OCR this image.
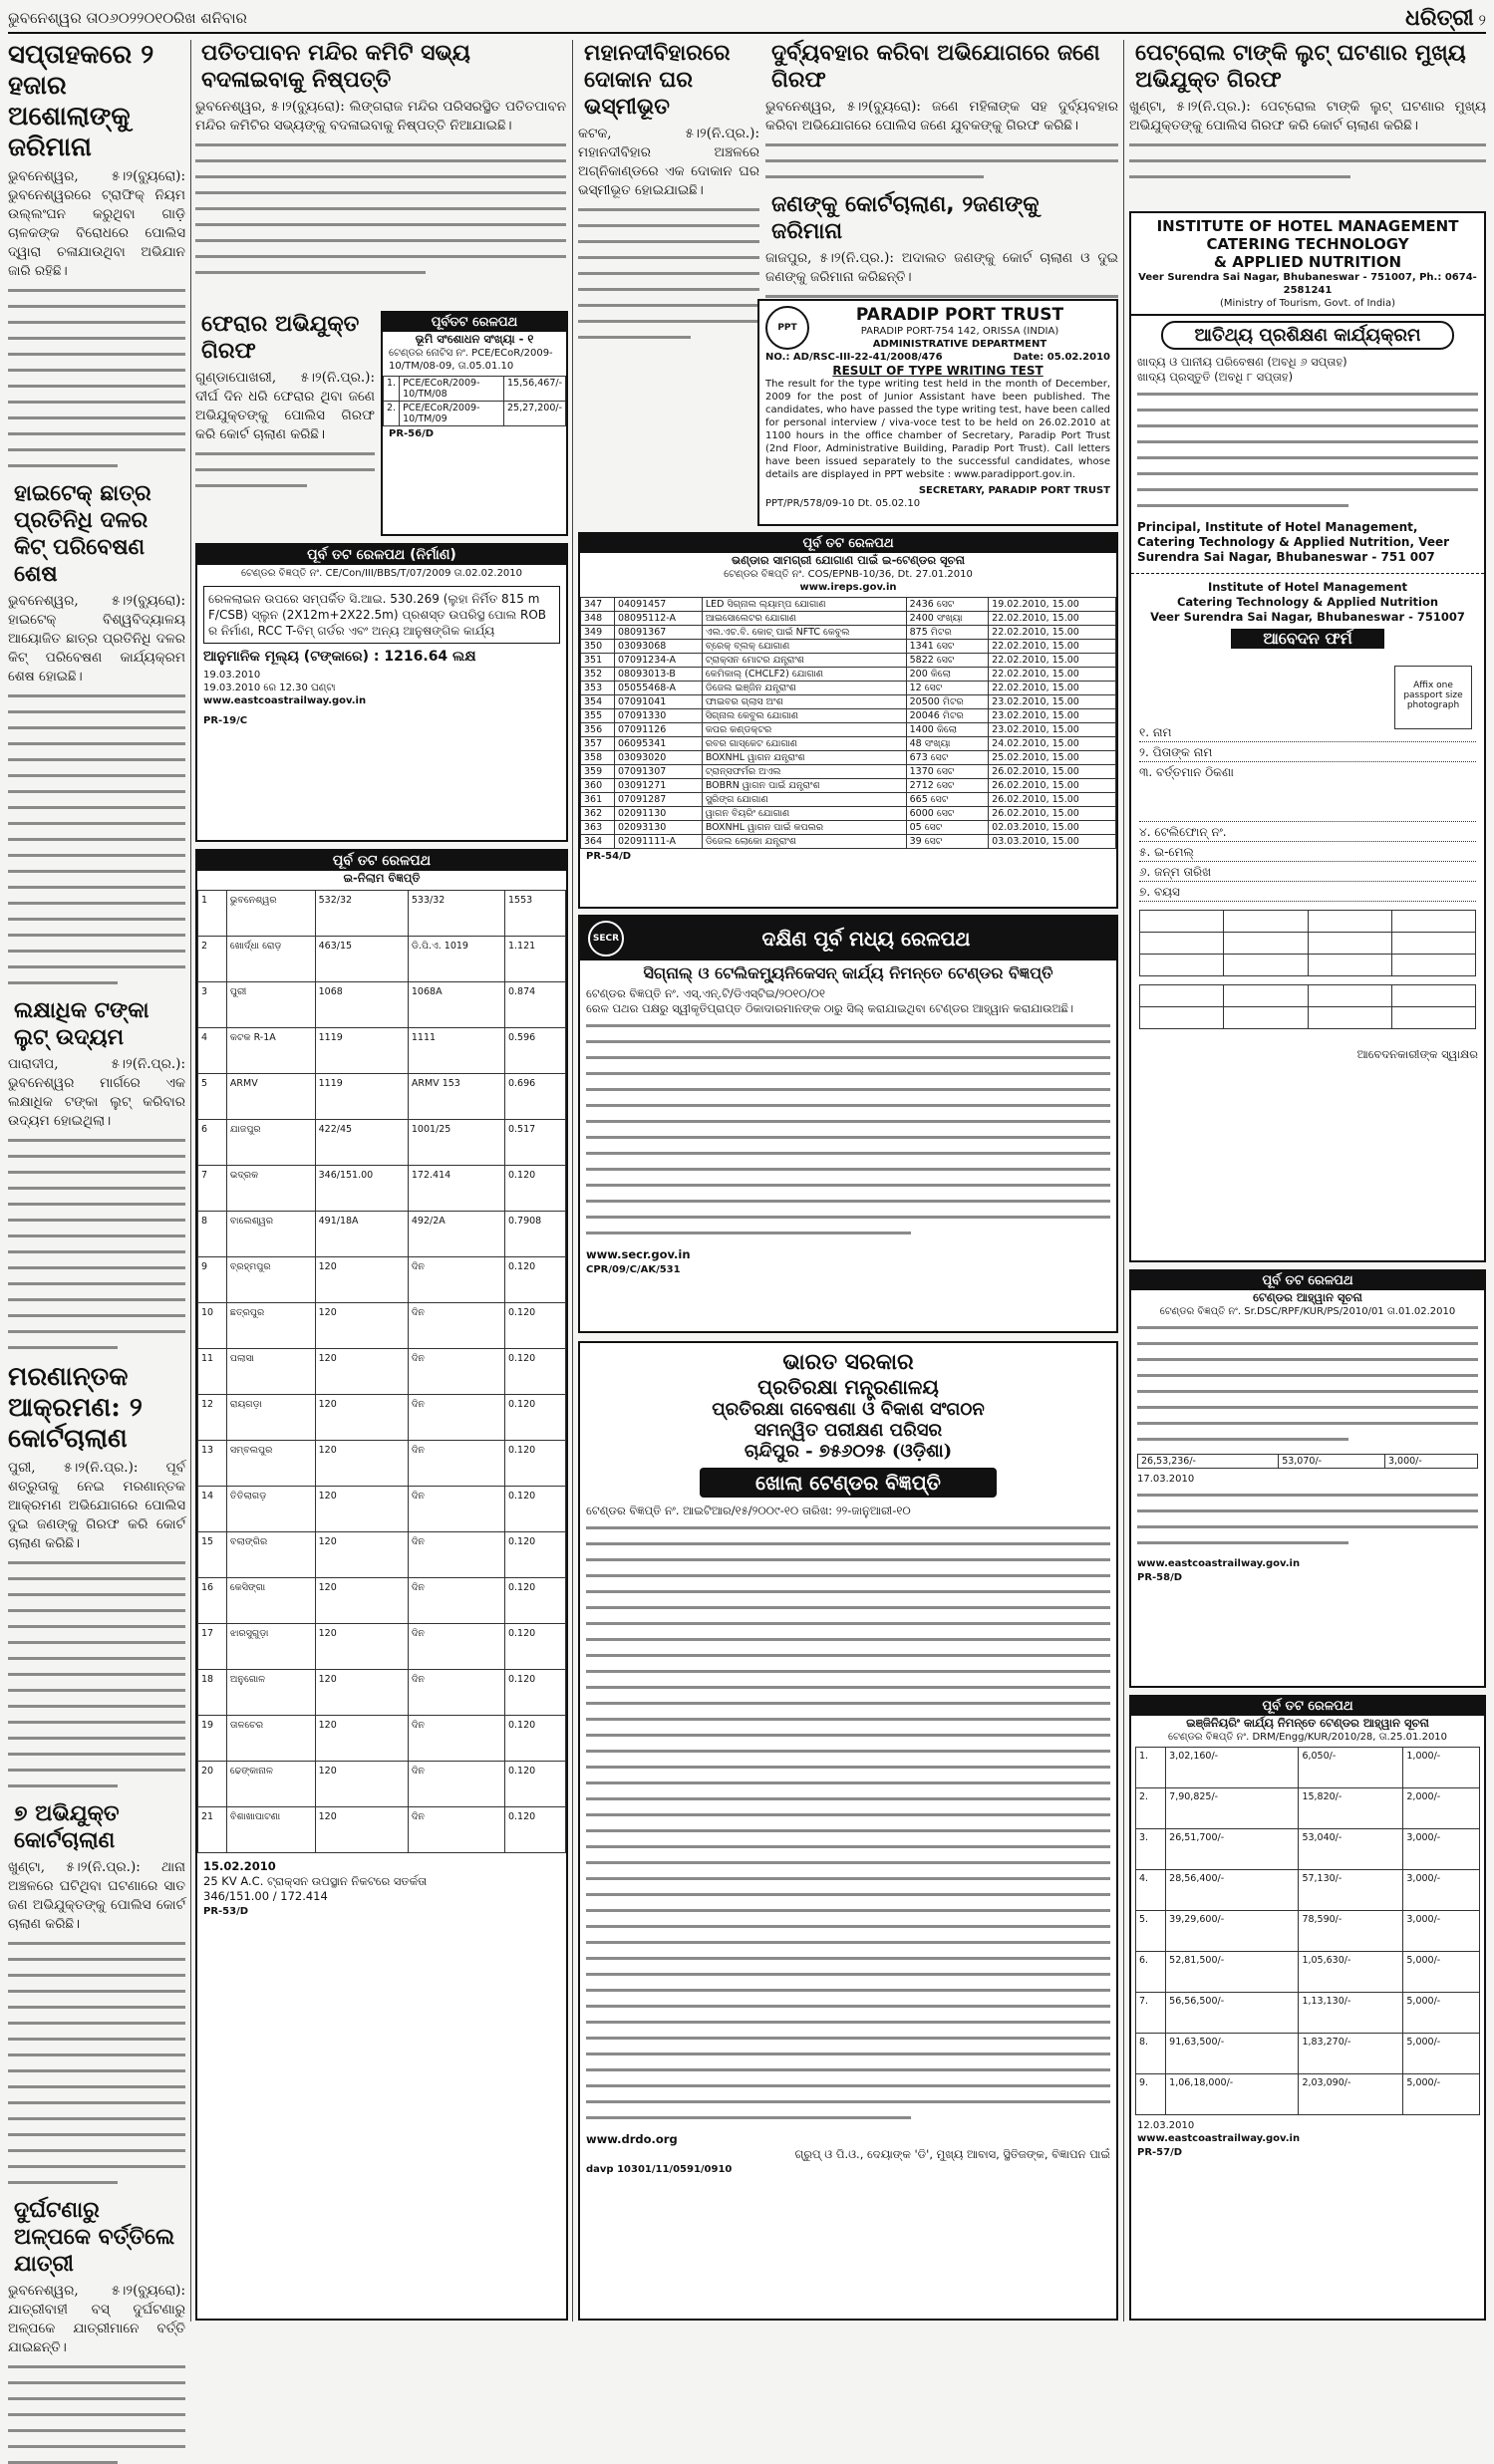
ଭୁବନେଶ୍ୱର ତା୦୬୦୨୨୦୧୦ରିଖ ଶନିବାର	ଧରିତ୍ରୀ ୨
ସପ୍ତାହକରେ ୨ ହଜାର ଅଶୋଲାଙ୍କୁ ଜରିମାନା
ଭୁବନେଶ୍ୱର, ୫।୨(ବ୍ୟୁରୋ): ଭୁବନେଶ୍ୱରରେ ଟ୍ରାଫିକ୍ ନିୟମ ଉଲ୍ଲଂଘନ କରୁଥିବା ଗାଡ଼ି ଚାଳକଙ୍କ ବିରୋଧରେ ପୋଲିସ ଦ୍ୱାରା ଚଳାଯାଉଥିବା ଅଭିଯାନ ଜାରି ରହିଛି।
ହାଇଟେକ୍ ଛାତ୍ର ପ୍ରତିନିଧି ଦଳର କିଟ୍ ପରିବେଷଣ ଶେଷ
ଭୁବନେଶ୍ୱର, ୫।୨(ବ୍ୟୁରୋ): ହାଇଟେକ୍ ବିଶ୍ୱବିଦ୍ୟାଳୟ ଆୟୋଜିତ ଛାତ୍ର ପ୍ରତିନିଧି ଦଳର କିଟ୍ ପରିବେଷଣ କାର୍ଯ୍ୟକ୍ରମ ଶେଷ ହୋଇଛି।
ଲକ୍ଷାଧିକ ଟଙ୍କା ଲୁଟ୍ ଉଦ୍ୟମ
ପାରାଦୀପ, ୫।୨(ନି.ପ୍ର.): ଭୁବନେଶ୍ୱର ମାର୍ଗରେ ଏକ ଲକ୍ଷାଧିକ ଟଙ୍କା ଲୁଟ୍ କରିବାର ଉଦ୍ୟମ ହୋଇଥିଲା।
ମରଣାନ୍ତକ ଆକ୍ରମଣ: ୨ କୋର୍ଟଚାଲାଣ
ପୁରୀ, ୫।୨(ନି.ପ୍ର.): ପୂର୍ବ ଶତ୍ରୁତାକୁ ନେଇ ମରଣାନ୍ତକ ଆକ୍ରମଣ ଅଭିଯୋଗରେ ପୋଲିସ ଦୁଇ ଜଣଙ୍କୁ ଗିରଫ କରି କୋର୍ଟ ଚାଲାଣ କରିଛି।
୭ ଅଭିଯୁକ୍ତ କୋର୍ଟଚାଲାଣ
ଖୁଣ୍ଟା, ୫।୨(ନି.ପ୍ର.): ଥାନା ଅଞ୍ଚଳରେ ଘଟିଥିବା ଘଟଣାରେ ସାତ ଜଣ ଅଭିଯୁକ୍ତଙ୍କୁ ପୋଲିସ କୋର୍ଟ ଚାଲାଣ କରିଛି।
ଦୁର୍ଘଟଣାରୁ ଅଳ୍ପକେ ବର୍ତ୍ତିଲେ ଯାତ୍ରୀ
ଭୁବନେଶ୍ୱର, ୫।୨(ବ୍ୟୁରୋ): ଯାତ୍ରୀବାହୀ ବସ୍ ଦୁର୍ଘଟଣାରୁ ଅଳ୍ପକେ ଯାତ୍ରୀମାନେ ବର୍ତ୍ତି ଯାଇଛନ୍ତି।
ପତିତପାବନ ମନ୍ଦିର କମିଟି ସଭ୍ୟ ବଦଳାଇବାକୁ ନିଷ୍ପତ୍ତି
ଭୁବନେଶ୍ୱର, ୫।୨(ବ୍ୟୁରୋ): ଲିଙ୍ଗରାଜ ମନ୍ଦିର ପରିସରସ୍ଥିତ ପତିତପାବନ ମନ୍ଦିର କମିଟିର ସଭ୍ୟଙ୍କୁ ବଦଳାଇବାକୁ ନିଷ୍ପତ୍ତି ନିଆଯାଇଛି।
ଫେରାର ଅଭିଯୁକ୍ତ ଗିରଫ
ଗୁଣ୍ଡାପୋଖରୀ, ୫।୨(ନି.ପ୍ର.): ଦୀର୍ଘ ଦିନ ଧରି ଫେରାର ଥିବା ଜଣେ ଅଭିଯୁକ୍ତଙ୍କୁ ପୋଲିସ ଗିରଫ କରି କୋର୍ଟ ଚାଲାଣ କରିଛି।
ମହାନଦୀବିହାରରେ ଦୋକାନ ଘର ଭସ୍ମୀଭୂତ
କଟକ, ୫।୨(ନି.ପ୍ର.): ମହାନଦୀବିହାର ଅଞ୍ଚଳରେ ଅଗ୍ନିକାଣ୍ଡରେ ଏକ ଦୋକାନ ଘର ଭସ୍ମୀଭୂତ ହୋଇଯାଇଛି।
ଦୁର୍ବ୍ୟବହାର କରିବା ଅଭିଯୋଗରେ ଜଣେ ଗିରଫ
ଭୁବନେଶ୍ୱର, ୫।୨(ବ୍ୟୁରୋ): ଜଣେ ମହିଳାଙ୍କ ସହ ଦୁର୍ବ୍ୟବହାର କରିବା ଅଭିଯୋଗରେ ପୋଲିସ ଜଣେ ଯୁବକଙ୍କୁ ଗିରଫ କରିଛି।
ଜଣଙ୍କୁ କୋର୍ଟଚାଲାଣ, ୨ଜଣଙ୍କୁ ଜରିମାନା
ଜାଜପୁର, ୫।୨(ନି.ପ୍ର.): ଅଦାଲତ ଜଣଙ୍କୁ କୋର୍ଟ ଚାଲାଣ ଓ ଦୁଇ ଜଣଙ୍କୁ ଜରିମାନା କରିଛନ୍ତି।
ପେଟ୍ରୋଲ ଟାଙ୍କି ଲୁଟ୍ ଘଟଣାର ମୁଖ୍ୟ ଅଭିଯୁକ୍ତ ଗିରଫ
ଖୁଣ୍ଟା, ୫।୨(ନି.ପ୍ର.): ପେଟ୍ରୋଲ ଟାଙ୍କି ଲୁଟ୍ ଘଟଣାର ମୁଖ୍ୟ ଅଭିଯୁକ୍ତଙ୍କୁ ପୋଲିସ ଗିରଫ କରି କୋର୍ଟ ଚାଲାଣ କରିଛି।
ପୂର୍ବତଟ ରେଳପଥ
ଭୂମି ସଂଶୋଧନ ସଂଖ୍ୟା - ୧
ଟେଣ୍ଡର ନୋଟିସ ନଂ. PCE/ECoR/2009-10/TM/08-09, ତା.05.01.10
1.	PCE/ECoR/2009-10/TM/08	15,56,467/-
2.	PCE/ECoR/2009-10/TM/09	25,27,200/-
PR-56/D
ପୂର୍ବ ତଟ ରେଳପଥ (ନିର୍ମାଣ)
ଟେଣ୍ଡର ବିଜ୍ଞପ୍ତି ନଂ. CE/Con/III/BBS/T/07/2009 ତା.02.02.2010
ରେଳଲାଇନ ଉପରେ ସମ୍ପର୍କିତ ସି.ଆଇ. 530.269 (ଲୁହା ନିର୍ମିତ 815 m F/CSB) ସ୍ଲୁନ (2X12m+2X22.5m) ପ୍ରଶସ୍ତ ଉପରିସ୍ଥ ପୋଲ ROB ର ନିର୍ମାଣ, RCC T-ବିମ୍ ଗର୍ଡର ଏବଂ ଅନ୍ୟ ଆନୁଷଙ୍ଗିକ କାର୍ଯ୍ୟ
ଆନୁମାନିକ ମୂଲ୍ୟ (ଟଙ୍କାରେ) : 1216.64 ଲକ୍ଷ
19.03.2010
19.03.2010 ରେ 12.30 ଘଣ୍ଟା
www.eastcoastrailway.gov.in
PR-19/C
ପୂର୍ବ ତଟ ରେଳପଥ
ଇ-ନିଲାମ ବିଜ୍ଞପ୍ତି
1	ଭୁବନେଶ୍ୱର	532/32	533/32	1553
2	ଖୋର୍ଦ୍ଧା ରୋଡ଼	463/15	ଡି.ପି.ଏ. 1019	1.121
3	ପୁରୀ	1068	1068A	0.874
4	କଟକ R-1A	1119	1111	0.596
5	ARMV	1119	ARMV 153	0.696
6	ଯାଜପୁର	422/45	1001/25	0.517
7	ଭଦ୍ରକ	346/151.00	172.414	0.120
8	ବାଲେଶ୍ୱର	491/18A	492/2A	0.7908
9	ବ୍ରହ୍ମପୁର	120	ଦିନ	0.120
10	ଛତ୍ରପୁର	120	ଦିନ	0.120
11	ପଲାସା	120	ଦିନ	0.120
12	ରାୟଗଡ଼ା	120	ଦିନ	0.120
13	ସମ୍ବଲପୁର	120	ଦିନ	0.120
14	ତିତିଲାଗଡ଼	120	ଦିନ	0.120
15	ବଲାଙ୍ଗିର	120	ଦିନ	0.120
16	କେସିଙ୍ଗା	120	ଦିନ	0.120
17	ଝାରସୁଗୁଡ଼ା	120	ଦିନ	0.120
18	ଅନୁଗୋଳ	120	ଦିନ	0.120
19	ତାଳଚେର	120	ଦିନ	0.120
20	ଢେଙ୍କାନାଳ	120	ଦିନ	0.120
21	ବିଶାଖାପାଟଣା	120	ଦିନ	0.120
15.02.2010
25 KV A.C. ଟ୍ରାକ୍ସନ ଉପସ୍ଥାନ ନିକଟରେ ସତର୍କତା
346/151.00 / 172.414
PR-53/D
PPT
PARADIP PORT TRUST
PARADIP PORT-754 142, ORISSA (INDIA)
ADMINISTRATIVE DEPARTMENT
NO.: AD/RSC-III-22-41/2008/476	Date: 05.02.2010
RESULT OF TYPE WRITING TEST
The result for the type writing test held in the month of December, 2009 for the post of Junior Assistant have been published. The candidates, who have passed the type writing test, have been called for personal interview / viva-voce test to be held on 26.02.2010 at 1100 hours in the office chamber of Secretary, Paradip Port Trust (2nd Floor, Administrative Building, Paradip Port Trust). Call letters have been issued separately to the successful candidates, whose details are displayed in PPT website : www.paradipport.gov.in.
SECRETARY, PARADIP PORT TRUST
PPT/PR/578/09-10 Dt. 05.02.10
ପୂର୍ବ ତଟ ରେଳପଥ
ଭଣ୍ଡାର ସାମଗ୍ରୀ ଯୋଗାଣ ପାଇଁ ଇ-ଟେଣ୍ଡର ସୂଚନା
ଟେଣ୍ଡର ବିଜ୍ଞପ୍ତି ନଂ. COS/EPNB-10/36, Dt. 27.01.2010
www.ireps.gov.in
347	04091457	LED ସିଗ୍ନାଲ ଲ୍ୟାମ୍ପ ଯୋଗାଣ	2436 ସେଟ	19.02.2010, 15.00
348	08095112-A	ଆଇସୋଲେଟର ଯୋଗାଣ	2400 ସଂଖ୍ୟା	22.02.2010, 15.00
349	08091367	ଏଲ.ଏଚ.ବି. କୋଚ୍ ପାଇଁ NFTC କେବୁଲ	875 ମିଟର	22.02.2010, 15.00
350	03093068	ବ୍ରେକ୍ ବ୍ଲକ୍ ଯୋଗାଣ	1341 ସେଟ	22.02.2010, 15.00
351	07091234-A	ଟ୍ରାକ୍ସନ ମୋଟର ଯନ୍ତ୍ରାଂଶ	5822 ସେଟ	22.02.2010, 15.00
352	08093013-B	କେମିକାଲ୍ (CHCLF2) ଯୋଗାଣ	200 କିଲୋ	22.02.2010, 15.00
353	05055468-A	ଡିଜେଲ ଇଞ୍ଜିନ ଯନ୍ତ୍ରାଂଶ	12 ସେଟ	22.02.2010, 15.00
354	07091041	ଫାଇବର ଗ୍ଲାସ ଅଂଶ	20500 ମିଟର	23.02.2010, 15.00
355	07091330	ସିଗ୍ନାଲ କେବୁଲ ଯୋଗାଣ	20046 ମିଟର	23.02.2010, 15.00
356	07091126	କପର କଣ୍ଡକ୍ଟର	1400 କିଲୋ	23.02.2010, 15.00
357	06095341	ରବର ଗାସ୍କେଟ ଯୋଗାଣ	48 ସଂଖ୍ୟା	24.02.2010, 15.00
358	03093020	BOXNHL ୱାଗନ ଯନ୍ତ୍ରାଂଶ	673 ସେଟ	25.02.2010, 15.00
359	07091307	ଟ୍ରାନ୍ସଫର୍ମର ଅଏଲ	1370 ସେଟ	26.02.2010, 15.00
360	03091271	BOBRN ୱାଗନ ପାଇଁ ଯନ୍ତ୍ରାଂଶ	2712 ସେଟ	26.02.2010, 15.00
361	07091287	ସ୍ପ୍ରିଙ୍ଗ ଯୋଗାଣ	665 ସେଟ	26.02.2010, 15.00
362	02091130	ୱାଗନ ବିୟରିଂ ଯୋଗାଣ	6000 ସେଟ	26.02.2010, 15.00
363	02093130	BOXNHL ୱାଗନ ପାଇଁ କପଲର	05 ସେଟ	02.03.2010, 15.00
364	02091111-A	ଡିଜେଲ ଲୋକୋ ଯନ୍ତ୍ରାଂଶ	39 ସେଟ	03.03.2010, 15.00
PR-54/D
SECR	ଦକ୍ଷିଣ ପୂର୍ବ ମଧ୍ୟ ରେଳପଥ
ସିଗ୍ନାଲ୍ ଓ ଟେଲିକମ୍ୟୁନିକେସନ୍ କାର୍ଯ୍ୟ ନିମନ୍ତେ ଟେଣ୍ଡର ବିଜ୍ଞପ୍ତି
ଟେଣ୍ଡର ବିଜ୍ଞପ୍ତି ନଂ. ଏସ୍.ଏନ୍.ଟି/ଡିଏସ୍‌ଟିଇ/୨୦୧୦/୦୧
ରେଳ ପଥର ପକ୍ଷରୁ ସ୍ୱୀକୃତିପ୍ରାପ୍ତ ଠିକାଦାରମାନଙ୍କ ଠାରୁ ସିଲ୍ କରାଯାଇଥିବା ଟେଣ୍ଡର ଆହ୍ୱାନ କରାଯାଉଅଛି।
www.secr.gov.in
CPR/09/C/AK/531
ଭାରତ ସରକାର
ପ୍ରତିରକ୍ଷା ମନ୍ତ୍ରଣାଳୟ
ପ୍ରତିରକ୍ଷା ଗବେଷଣା ଓ ବିକାଶ ସଂଗଠନ
ସମନ୍ୱିତ ପରୀକ୍ଷଣ ପରିସର
ଚାନ୍ଦିପୁର - ୭୫୬୦୨୫ (ଓଡ଼ିଶା)
ଖୋଲା ଟେଣ୍ଡର ବିଜ୍ଞପ୍ତି
ଟେଣ୍ଡର ବିଜ୍ଞପ୍ତି ନଂ. ଆଇଟିଆର/୧୫/୨୦୦୯-୧୦ ତାରିଖ: ୨୨-ଜାନୁଆରୀ-୧୦
www.drdo.org
ଗ୍ରୁପ୍ ଓ ପି.ଓ., ଦେୟାଙ୍କ 'ଡି', ମୁଖ୍ୟ ଆବାସ, ସ୍ଥିତିଜଙ୍କ, ବିଜ୍ଞାପନ ପାଇଁ
davp 10301/11/0591/0910
INSTITUTE OF HOTEL MANAGEMENT
CATERING TECHNOLOGY
& APPLIED NUTRITION
Veer Surendra Sai Nagar, Bhubaneswar - 751007, Ph.: 0674-2581241
(Ministry of Tourism, Govt. of India)
ଆତିଥ୍ୟ ପ୍ରଶିକ୍ଷଣ କାର୍ଯ୍ୟକ୍ରମ
ଖାଦ୍ୟ ଓ ପାନୀୟ ପରିବେଷଣ (ଅବଧି ୬ ସପ୍ତାହ)
ଖାଦ୍ୟ ପ୍ରସ୍ତୁତି (ଅବଧି ୮ ସପ୍ତାହ)
Principal, Institute of Hotel Management, Catering Technology & Applied Nutrition, Veer Surendra Sai Nagar, Bhubaneswar - 751 007
Institute of Hotel Management
Catering Technology & Applied Nutrition
Veer Surendra Sai Nagar, Bhubaneswar - 751007
ଆବେଦନ ଫର୍ମ
Affix one passport size photograph
୧. ନାମ
୨. ପିତାଙ୍କ ନାମ
୩. ବର୍ତ୍ତମାନ ଠିକଣା
୪. ଟେଲିଫୋନ୍ ନଂ.
୫. ଇ-ମେଲ୍
୬. ଜନ୍ମ ତାରିଖ
୭. ବୟସ

ଆବେଦନକାରୀଙ୍କ ସ୍ୱାକ୍ଷର
ପୂର୍ବ ତଟ ରେଳପଥ
ଟେଣ୍ଡର ଆହ୍ୱାନ ସୂଚନା
ଟେଣ୍ଡର ବିଜ୍ଞପ୍ତି ନଂ. Sr.DSC/RPF/KUR/PS/2010/01 ତା.01.02.2010
26,53,236/-	53,070/-	3,000/-
17.03.2010
www.eastcoastrailway.gov.in
PR-58/D
ପୂର୍ବ ତଟ ରେଳପଥ
ଇଞ୍ଜିନିୟରିଂ କାର୍ଯ୍ୟ ନିମନ୍ତେ ଟେଣ୍ଡର ଆହ୍ୱାନ ସୂଚନା
ଟେଣ୍ଡର ବିଜ୍ଞପ୍ତି ନଂ. DRM/Engg/KUR/2010/28, ତା.25.01.2010
1.	3,02,160/-	6,050/-	1,000/-
2.	7,90,825/-	15,820/-	2,000/-
3.	26,51,700/-	53,040/-	3,000/-
4.	28,56,400/-	57,130/-	3,000/-
5.	39,29,600/-	78,590/-	3,000/-
6.	52,81,500/-	1,05,630/-	5,000/-
7.	56,56,500/-	1,13,130/-	5,000/-
8.	91,63,500/-	1,83,270/-	5,000/-
9.	1,06,18,000/-	2,03,090/-	5,000/-
12.03.2010
www.eastcoastrailway.gov.in
PR-57/D
